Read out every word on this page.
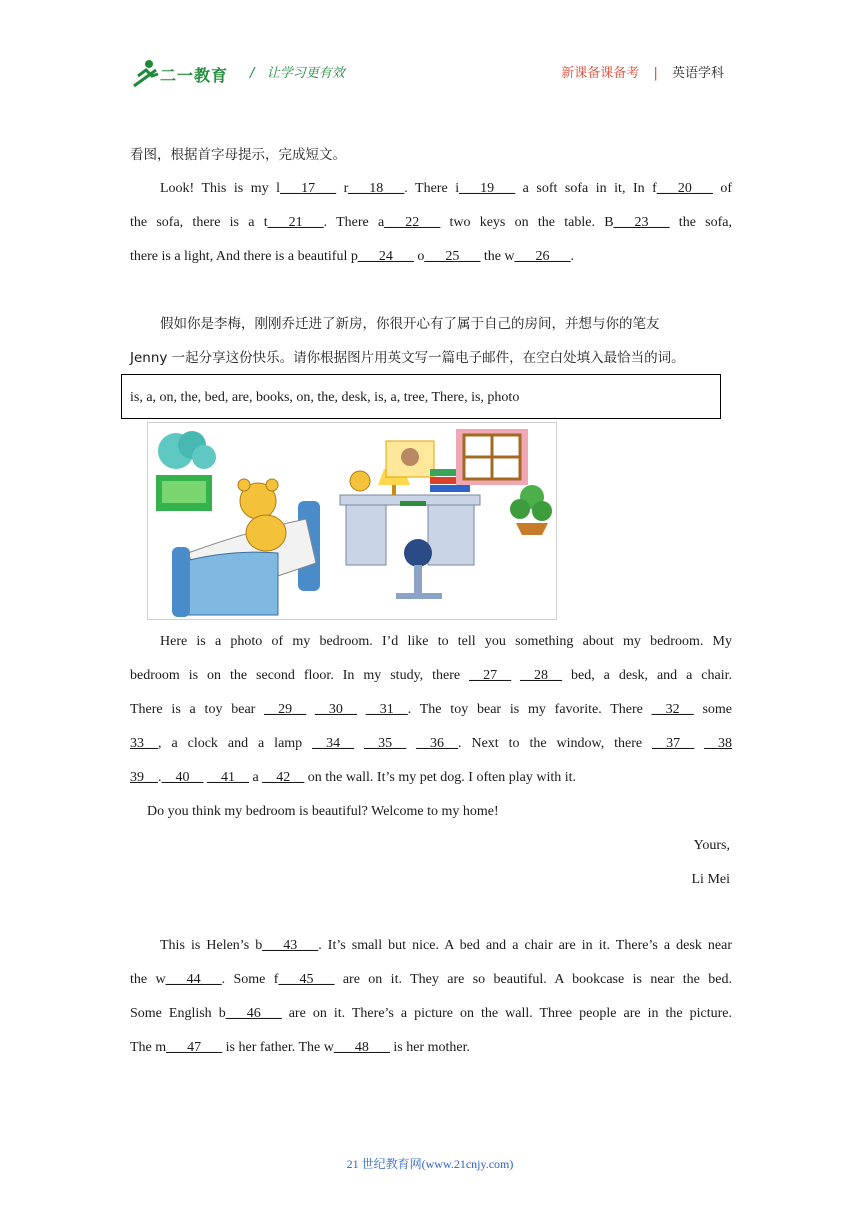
二一教育 /   让学习更有效	新课备课备考 | 英语学科

看图，根据首字母提示，完成短文。

Look! This is my l___17___ r___18___. There i___19___ a soft sofa in it, In f___20___ of

the sofa, there is a t___21___. There a___22___ two keys on the table. B___23___ the sofa,

there is a light, And there is a beautiful p___24___ o___25___ the w___26___.

假如你是李梅，刚刚乔迁进了新房，你很开心有了属于自己的房间，并想与你的笔友

Jenny 一起分享这份快乐。请你根据图片用英文写一篇电子邮件，在空白处填入最恰当的词。

is, a, on, the, bed, are, books, on, the, desk, is, a, tree, There, is, photo

Here is a photo of my bedroom. I’d like to tell you something about my bedroom. My

bedroom is on the second floor. In my study, there __27__ __28__ bed, a desk, and a chair.

There is a toy bear __29__ __30__ __31__. The toy bear is my favorite. There __32__ some

33__, a clock and a lamp __34__ __35__ __36__. Next to the window, there __37__ __38

39__.__40__ __41__ a __42__ on the wall. It’s my pet dog. I often play with it.

Do you think my bedroom is beautiful? Welcome to my home!

Yours,
Li Mei

This is Helen’s b___43___. It’s small but nice. A bed and a chair are in it. There’s a desk near

the w___44___. Some f___45___ are on it. They are so beautiful. A bookcase is near the bed.

Some English b___46___ are on it. There’s a picture on the wall. Three people are in the picture.

The m___47___ is her father. The w___48___ is her mother.

21 世纪教育网(www.21cnjy.com)
